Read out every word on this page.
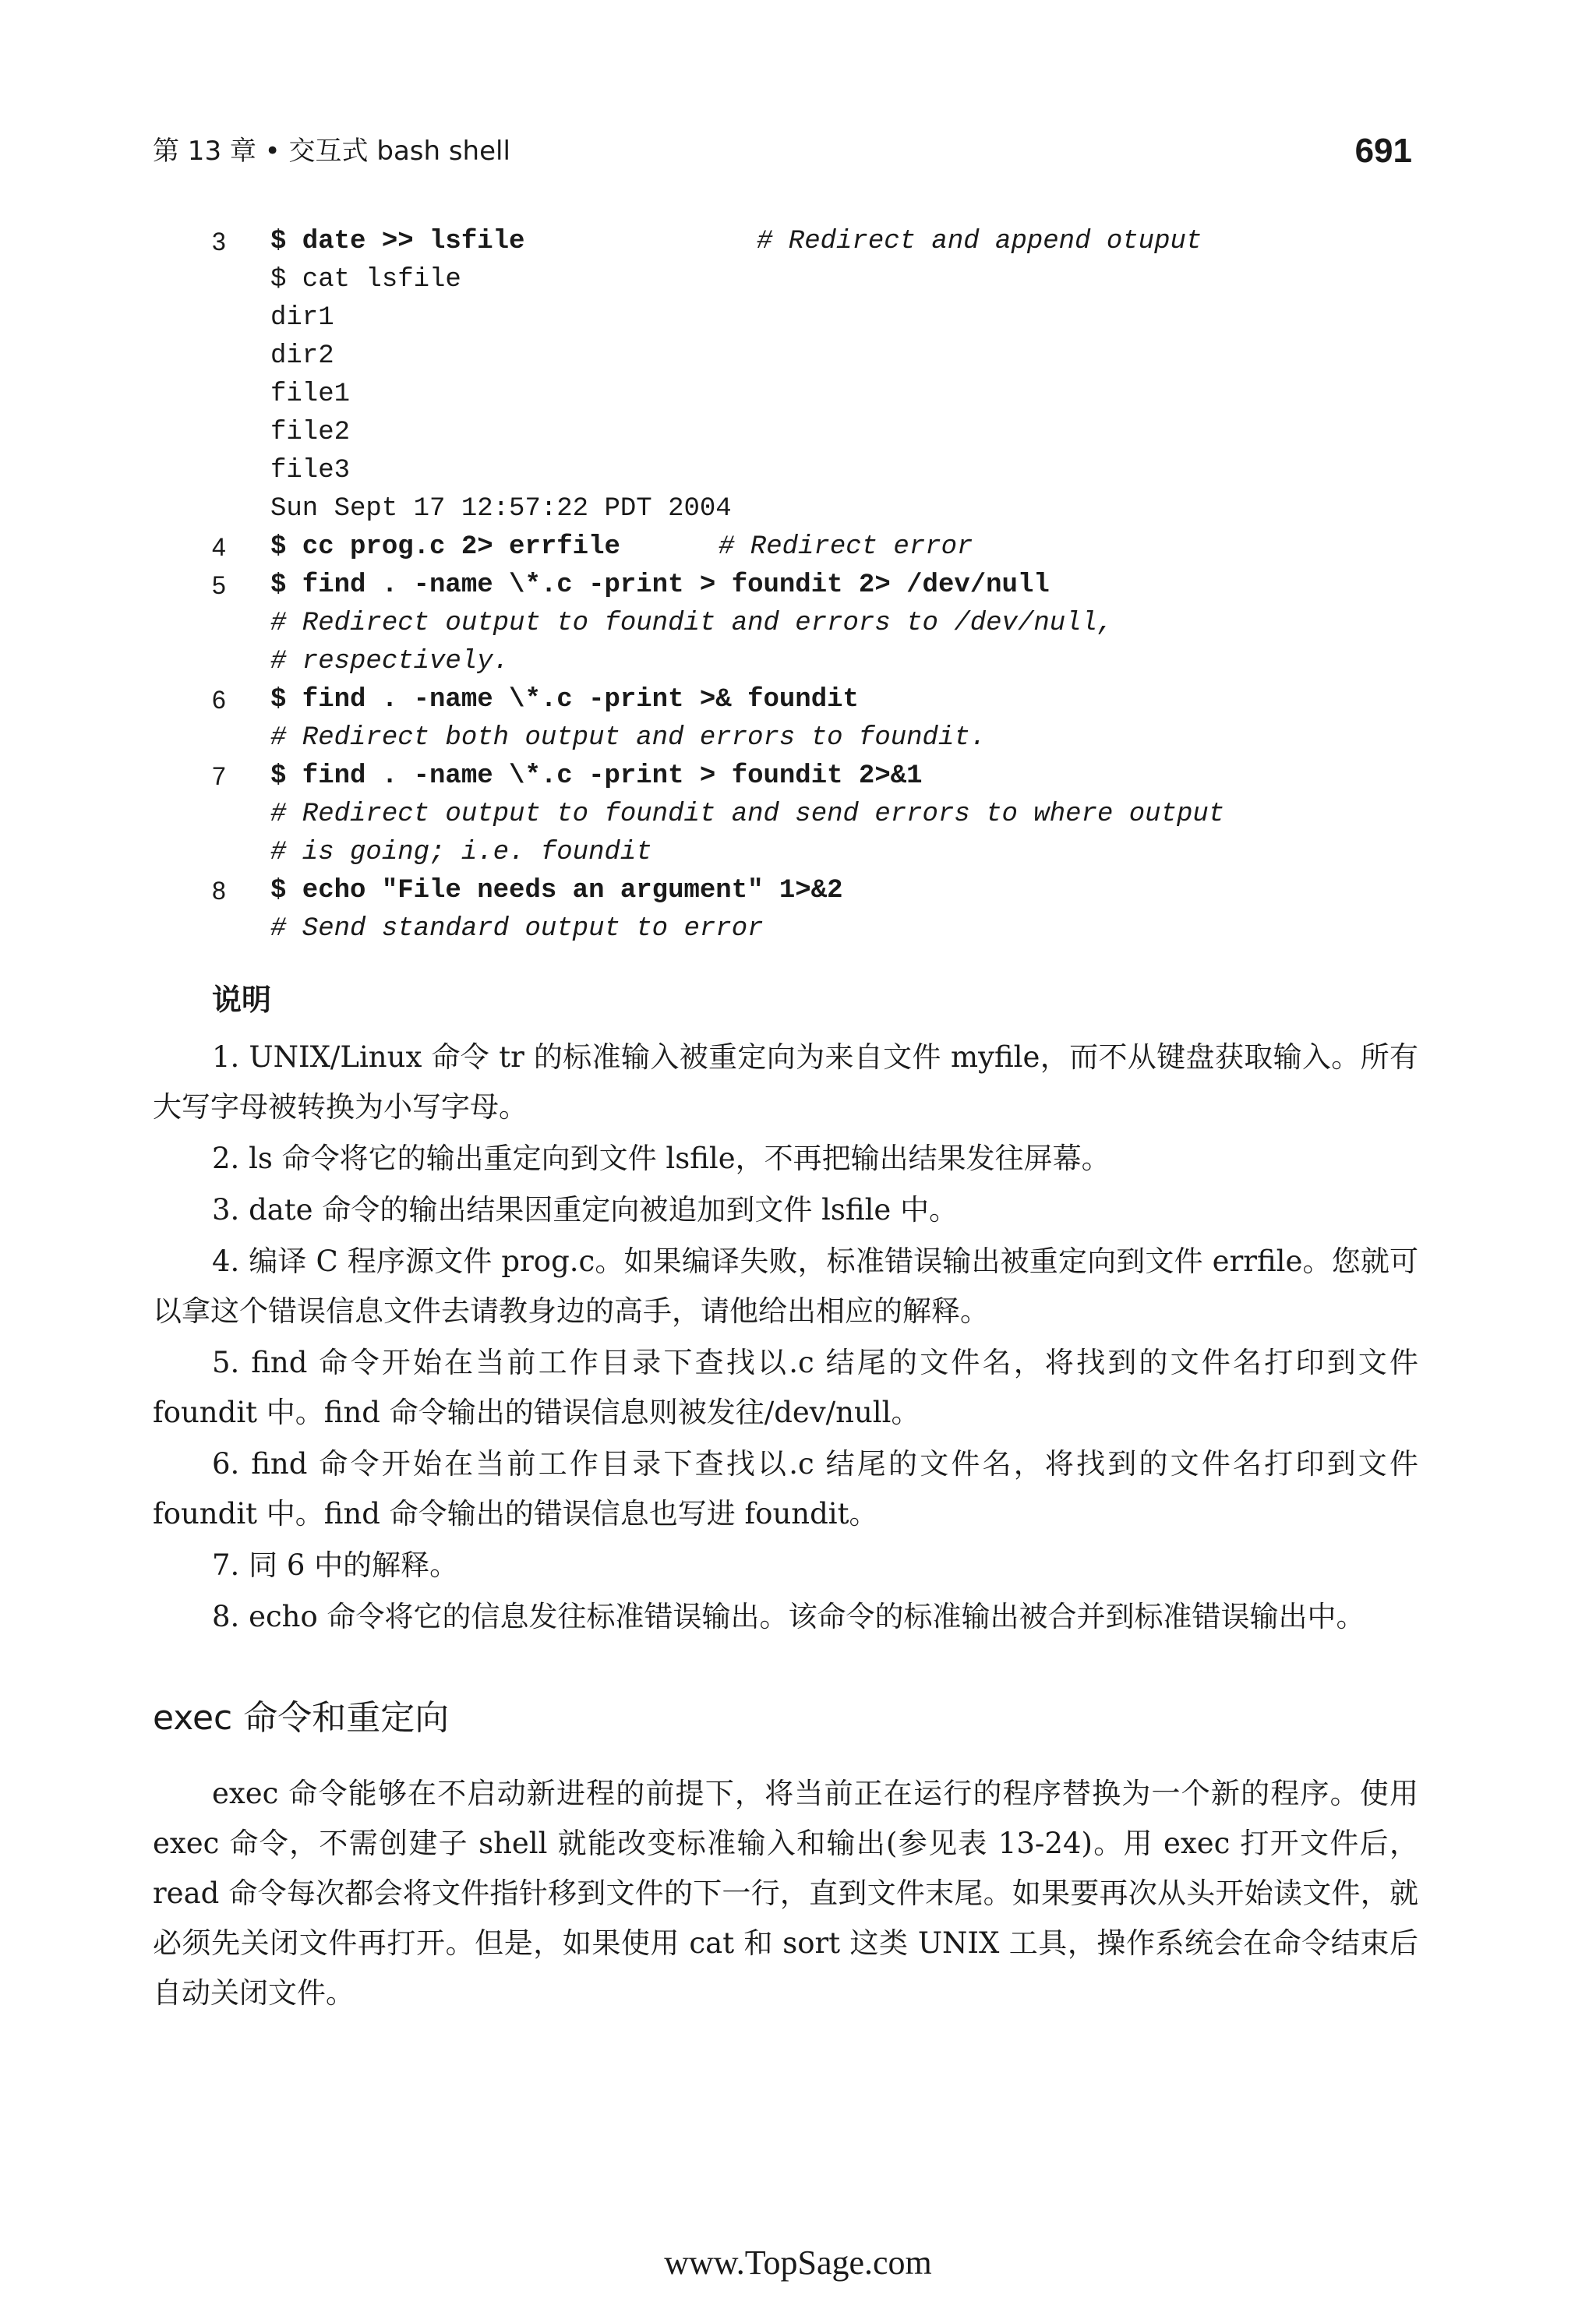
第 13 章 • 交互式 bash shell	691
3	$ date >> lsfile	# Redirect and append otuput
$ cat lsfile
dir1
dir2
file1
file2
file3
Sun Sept 17 12:57:22 PDT 2004
4	$ cc prog.c 2> errfile	# Redirect error
5	$ find . -name \*.c -print > foundit 2> /dev/null
# Redirect output to foundit and errors to /dev/null,
# respectively.
6	$ find . -name \*.c -print >& foundit
# Redirect both output and errors to foundit.
7	$ find . -name \*.c -print > foundit 2>&1
# Redirect output to foundit and send errors to where output
# is going; i.e. foundit
8	$ echo "File needs an argument" 1>&2
# Send standard output to error
说明

1. UNIX/Linux 命令 tr 的标准输入被重定向为来自文件 myfile，而不从键盘获取输入。所有大写字母被转换为小写字母。

2. ls 命令将它的输出重定向到文件 lsfile，不再把输出结果发往屏幕。

3. date 命令的输出结果因重定向被追加到文件 lsfile 中。

4. 编译 C 程序源文件 prog.c。如果编译失败，标准错误输出被重定向到文件 errfile。您就可以拿这个错误信息文件去请教身边的高手，请他给出相应的解释。

5. find 命令开始在当前工作目录下查找以.c 结尾的文件名，将找到的文件名打印到文件 foundit 中。find 命令输出的错误信息则被发往/dev/null。

6. find 命令开始在当前工作目录下查找以.c 结尾的文件名，将找到的文件名打印到文件 foundit 中。find 命令输出的错误信息也写进 foundit。

7. 同 6 中的解释。

8. echo 命令将它的信息发往标准错误输出。该命令的标准输出被合并到标准错误输出中。

exec 命令和重定向

exec 命令能够在不启动新进程的前提下，将当前正在运行的程序替换为一个新的程序。使用 exec 命令，不需创建子 shell 就能改变标准输入和输出(参见表 13-24)。用 exec 打开文件后，read 命令每次都会将文件指针移到文件的下一行，直到文件末尾。如果要再次从头开始读文件，就必须先关闭文件再打开。但是，如果使用 cat 和 sort 这类 UNIX 工具，操作系统会在命令结束后自动关闭文件。

www.TopSage.com
